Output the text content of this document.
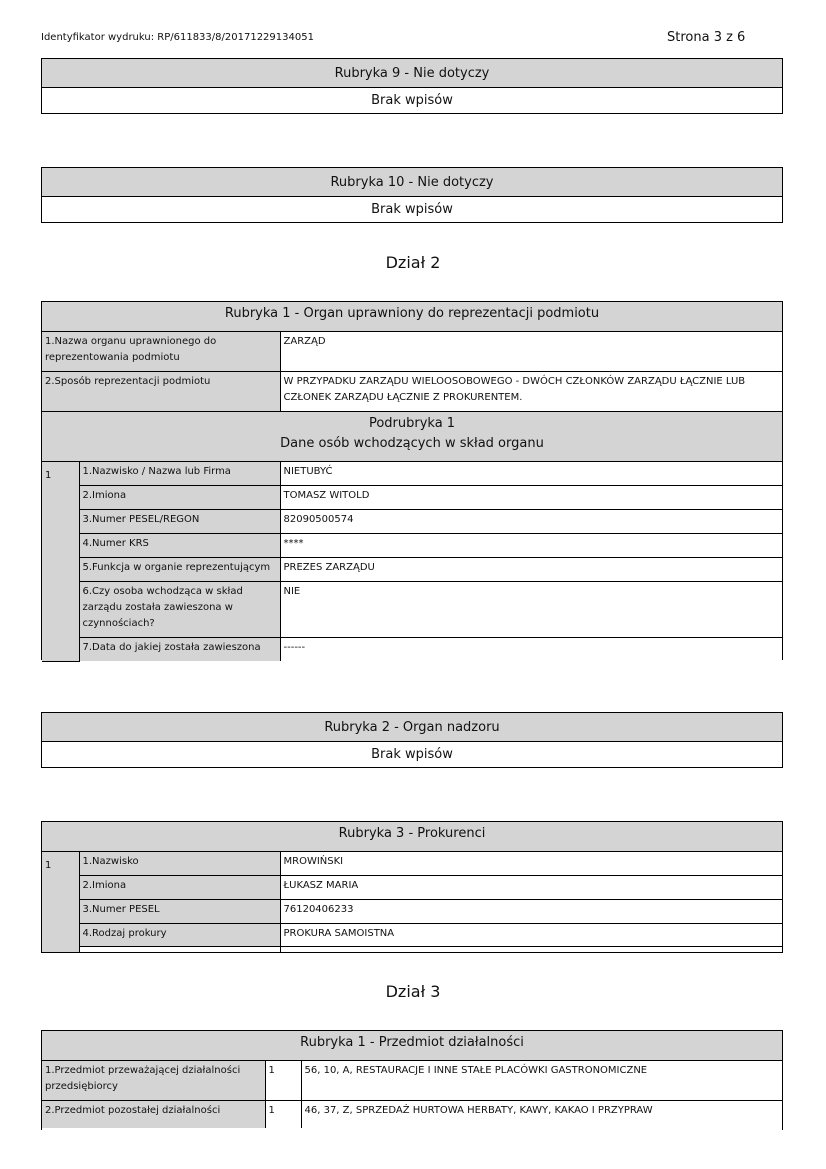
Identyfikator wydruku: RP/611833/8/20171229134051	Strona 3 z 6
Rubryka 9 - Nie dotyczy
Brak wpisów
Rubryka 10 - Nie dotyczy
Brak wpisów
Dział 2
Rubryka 1 - Organ uprawniony do reprezentacji podmiotu		
1.Nazwa organu uprawnionego do reprezentowania podmiotu		ZARZĄD
2.Sposób reprezentacji podmiotu		W PRZYPADKU ZARZĄDU WIELOOSOBOWEGO - DWÓCH CZŁONKÓW ZARZĄDU ŁĄCZNIE LUB CZŁONEK ZARZĄDU ŁĄCZNIE Z PROKURENTEM.

Podrubryka 1
Dane osób wchodzących w skład organu		

1	1.Nazwisko / Nazwa lub Firma	NIETUBYĆ
	2.Imiona	TOMASZ WITOLD
	3.Numer PESEL/REGON	82090500574
	4.Numer KRS	****
	5.Funkcja w organie reprezentującym	PREZES ZARZĄDU
	6.Czy osoba wchodząca w skład zarządu została zawieszona w czynnościach?	NIE
	7.Data do jakiej została zawieszona	------
Rubryka 2 - Organ nadzoru
Brak wpisów
Rubryka 3 - Prokurenci		
1	1.Nazwisko	MROWIŃSKI
	2.Imiona	ŁUKASZ MARIA
	3.Numer PESEL	76120406233
	4.Rodzaj prokury	PROKURA SAMOISTNA

Dział 3
Rubryka 1 - Przedmiot działalności		
1.Przedmiot przeważającej działalności przedsiębiorcy	1	56, 10, A, RESTAURACJE I INNE STAŁE PLACÓWKI GASTRONOMICZNE
2.Przedmiot pozostałej działalności	1	46, 37, Z, SPRZEDAŻ HURTOWA HERBATY, KAWY, KAKAO I PRZYPRAW
